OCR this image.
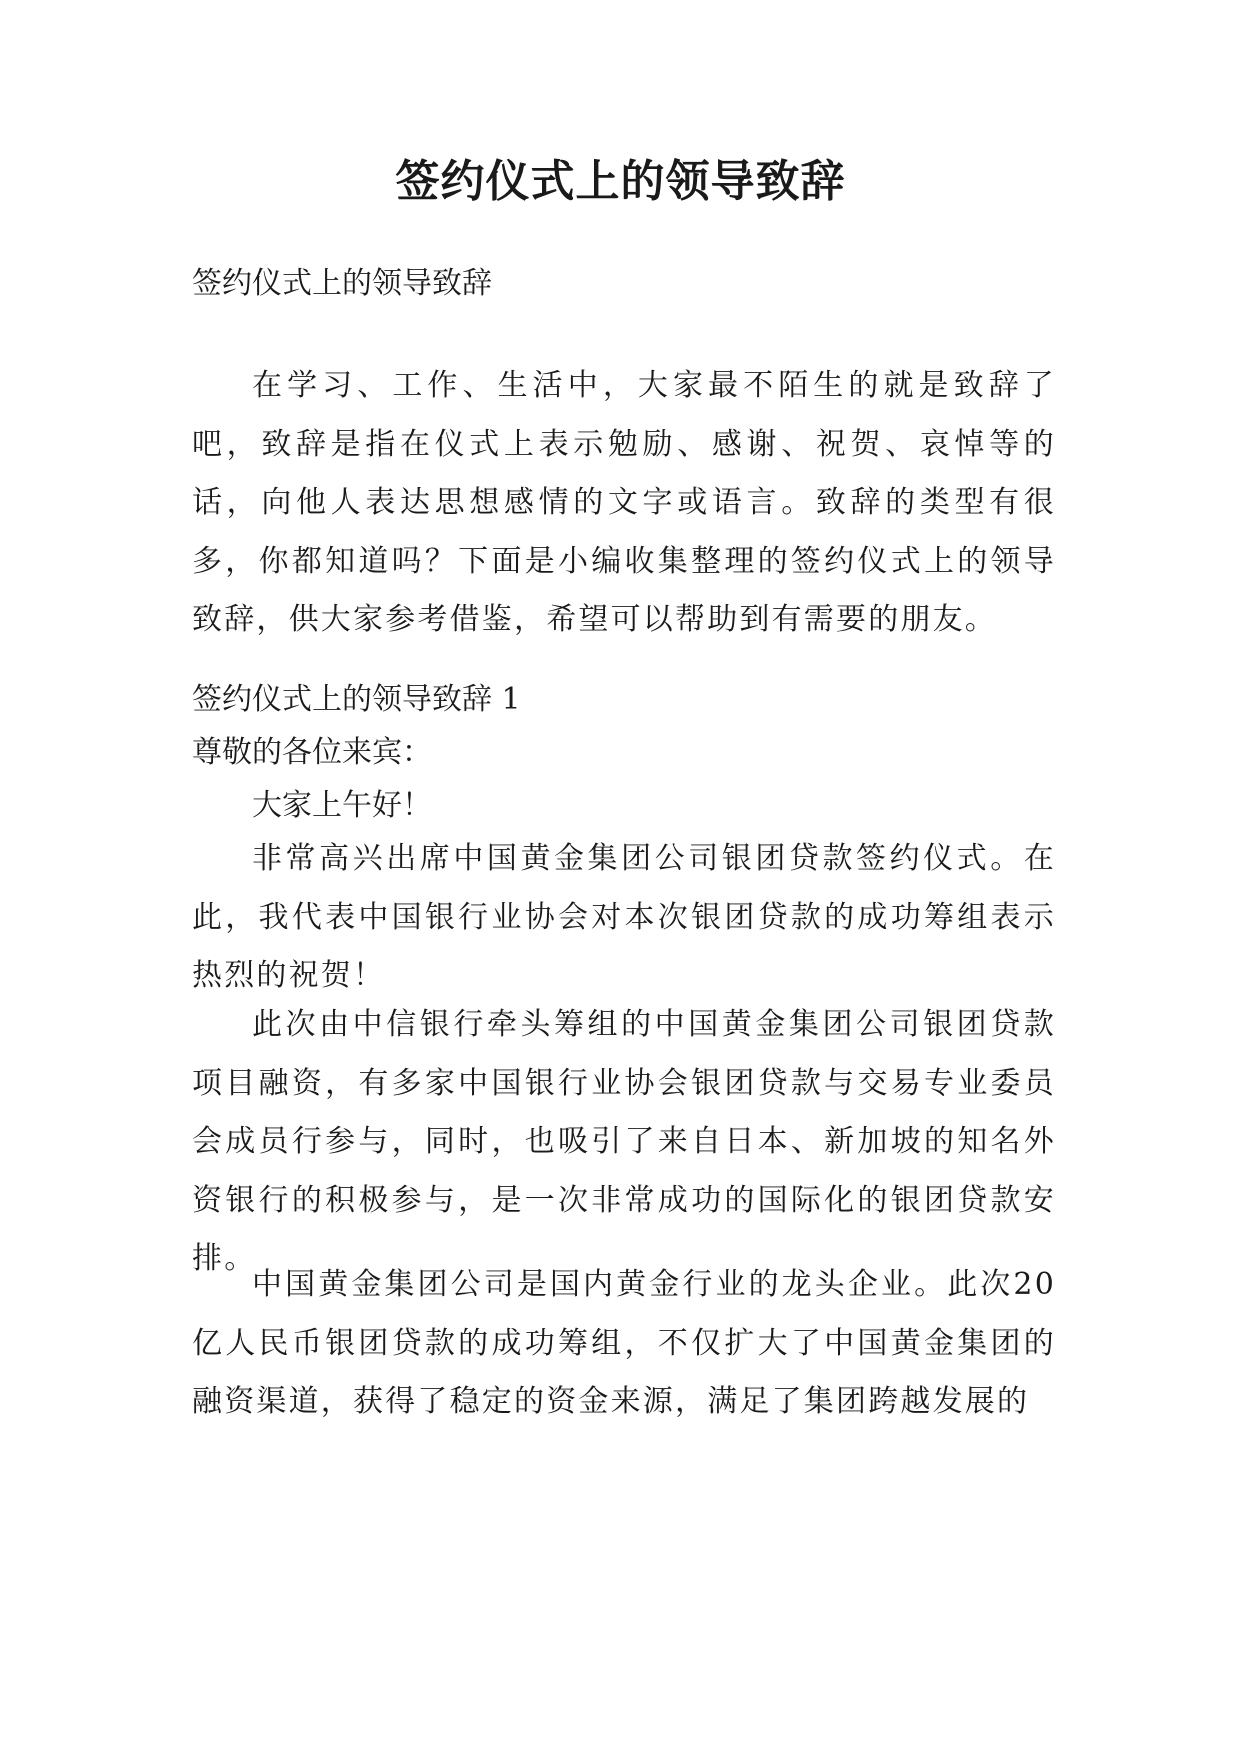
签约仪式上的领导致辞

签约仪式上的领导致辞

在学习、工作、生活中，大家最不陌生的就是致辞了吧，致辞是指在仪式上表示勉励、感谢、祝贺、哀悼等的话，向他人表达思想感情的文字或语言。致辞的类型有很多，你都知道吗？下面是小编收集整理的签约仪式上的领导致辞，供大家参考借鉴，希望可以帮助到有需要的朋友。

签约仪式上的领导致辞 1

尊敬的各位来宾：

大家上午好！

非常高兴出席中国黄金集团公司银团贷款签约仪式。在此，我代表中国银行业协会对本次银团贷款的成功筹组表示热烈的祝贺！

此次由中信银行牵头筹组的中国黄金集团公司银团贷款项目融资，有多家中国银行业协会银团贷款与交易专业委员会成员行参与，同时，也吸引了来自日本、新加坡的知名外资银行的积极参与，是一次非常成功的国际化的银团贷款安排。

中国黄金集团公司是国内黄金行业的龙头企业。此次20亿人民币银团贷款的成功筹组，不仅扩大了中国黄金集团的融资渠道，获得了稳定的资金来源，满足了集团跨越发展的
